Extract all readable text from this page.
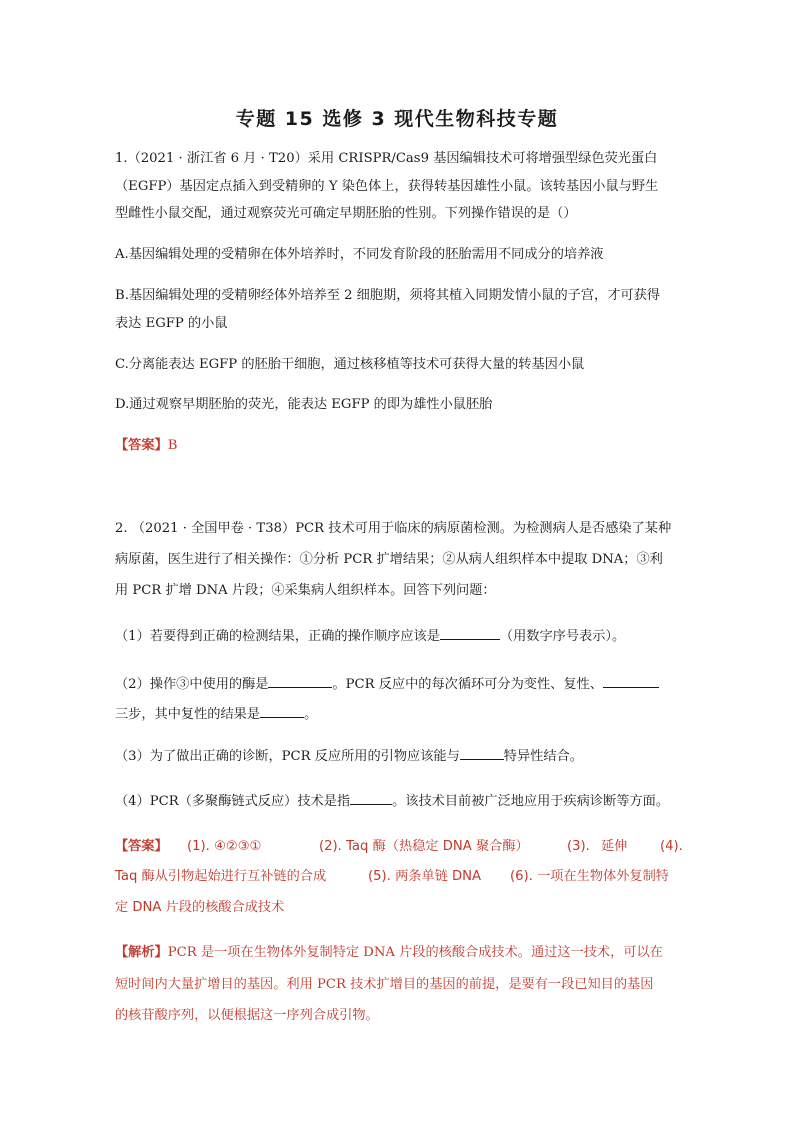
专题 15 选修 3 现代生物科技专题
1.（2021 · 浙江省 6 月 · T20）采用 CRISPR/Cas9 基因编辑技术可将增强型绿色荧光蛋白
（EGFP）基因定点插入到受精卵的 Y 染色体上，获得转基因雄性小鼠。该转基因小鼠与野生
型雌性小鼠交配，通过观察荧光可确定早期胚胎的性别。下列操作错误的是（）
A.基因编辑处理的受精卵在体外培养时，不同发育阶段的胚胎需用不同成分的培养液
B.基因编辑处理的受精卵经体外培养至 2 细胞期，须将其植入同期发情小鼠的子宫，才可获得
表达 EGFP 的小鼠
C.分离能表达 EGFP 的胚胎干细胞，通过核移植等技术可获得大量的转基因小鼠
D.通过观察早期胚胎的荧光，能表达 EGFP 的即为雄性小鼠胚胎
【答案】B
2. （2021 · 全国甲卷 · T38）PCR 技术可用于临床的病原菌检测。为检测病人是否感染了某种
病原菌，医生进行了相关操作：①分析 PCR 扩增结果；②从病人组织样本中提取 DNA；③利
用 PCR 扩增 DNA 片段；④采集病人组织样本。回答下列问题：
（1）若要得到正确的检测结果，正确的操作顺序应该是	（用数字序号表示）。
（2）操作③中使用的酶是	。PCR 反应中的每次循环可分为变性、复性、
三步，其中复性的结果是	。
（3）为了做出正确的诊断，PCR 反应所用的引物应该能与	特异性结合。
（4）PCR（多聚酶链式反应）技术是指	。该技术目前被广泛地应用于疾病诊断等方面。
【答案】 (1). ④②③①	(2). Taq 酶（热稳定 DNA 聚合酶）	(3). 延伸 (4).
Taq 酶从引物起始进行互补链的合成	(5). 两条单链 DNA (6). 一项在生物体外复制特
定 DNA 片段的核酸合成技术
【解析】PCR 是一项在生物体外复制特定 DNA 片段的核酸合成技术。通过这一技术，可以在
短时间内大量扩增目的基因。利用 PCR 技术扩增目的基因的前提，是要有一段已知目的基因
的核苷酸序列，以便根据这一序列合成引物。
